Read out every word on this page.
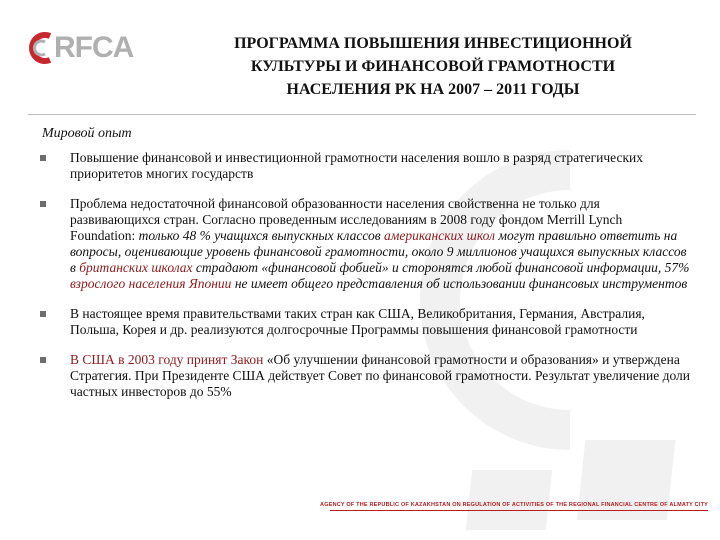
RFCA	ПРОГРАММА ПОВЫШЕНИЯ ИНВЕСТИЦИОННОЙ
КУЛЬТУРЫ И ФИНАНСОВОЙ ГРАМОТНОСТИ
НАСЕЛЕНИЯ РК НА 2007 – 2011 ГОДЫ
Мировой опыт
Повышение финансовой и инвестиционной грамотности населения вошло в разряд стратегических приоритетов многих государств
Проблема недостаточной финансовой образованности населения свойственна не только для развивающихся стран. Согласно проведенным исследованиям в 2008 году фондом Merrill Lynch Foundation: только 48 % учащихся выпускных классов американских школ могут правильно ответить на вопросы, оценивающие уровень финансовой грамотности, около 9 миллионов учащихся выпускных классов в британских школах страдают «финансовой фобией» и сторонятся любой финансовой информации, 57% взрослого населения Японии не имеет общего представления об использовании финансовых инструментов
В настоящее время правительствами таких стран как США, Великобритания, Германия, Австралия, Польша, Корея и др. реализуются долгосрочные Программы повышения финансовой грамотности
В США в 2003 году принят Закон «Об улучшении финансовой грамотности и образования» и утверждена Стратегия. При Президенте США действует Совет по финансовой грамотности. Результат увеличение доли частных инвесторов до 55%
AGENCY OF THE REPUBLIC OF KAZAKHSTAN ON REGULATION OF ACTIVITIES OF THE REGIONAL FINANCIAL CENTRE OF ALMATY CITY
